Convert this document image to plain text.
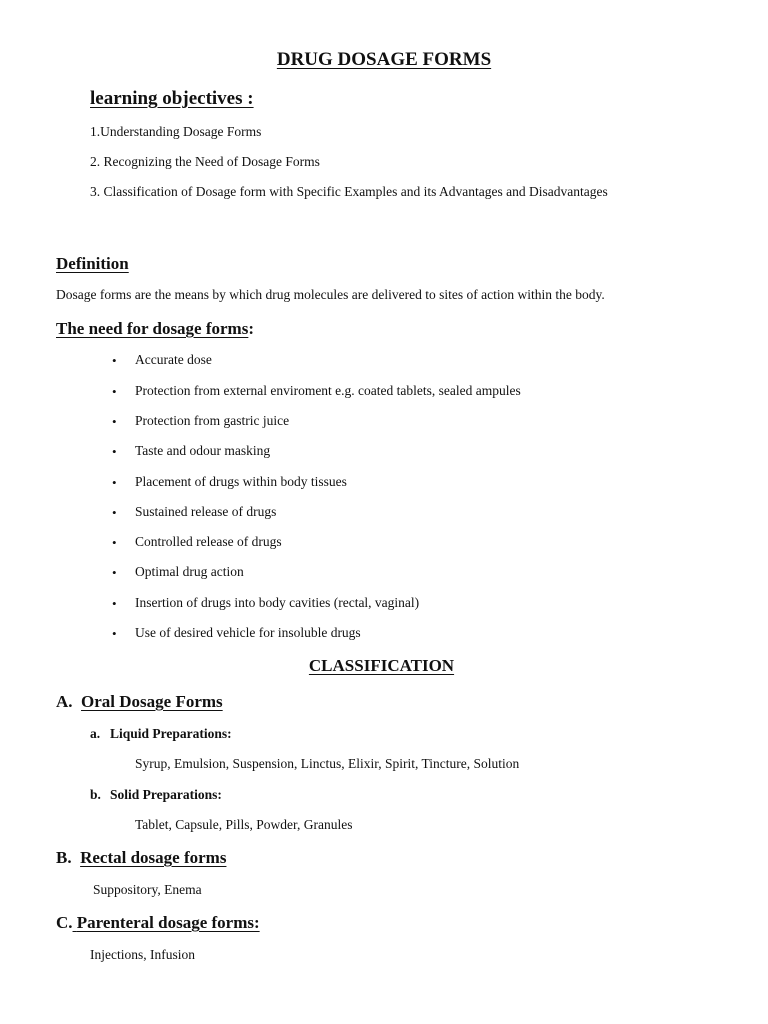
DRUG DOSAGE FORMS
learning objectives :
1.Understanding Dosage Forms
2. Recognizing the Need of Dosage Forms
3. Classification of Dosage form with Specific Examples and its Advantages and Disadvantages
Definition
Dosage forms are the means by which drug molecules are delivered to sites of action within the body.
The need for dosage forms:
• Accurate dose
• Protection from external enviroment e.g. coated tablets, sealed ampules
• Protection from gastric juice
• Taste and odour masking
• Placement of drugs within body tissues
• Sustained release of drugs
• Controlled release of drugs
• Optimal drug action
• Insertion of drugs into body cavities (rectal, vaginal)
• Use of desired vehicle for insoluble drugs
CLASSIFICATION
A. Oral Dosage Forms
a. Liquid Preparations:
Syrup, Emulsion, Suspension, Linctus, Elixir, Spirit, Tincture, Solution
b. Solid Preparations:
Tablet, Capsule, Pills, Powder, Granules
B. Rectal dosage forms
Suppository, Enema
C. Parenteral dosage forms:
Injections, Infusion
